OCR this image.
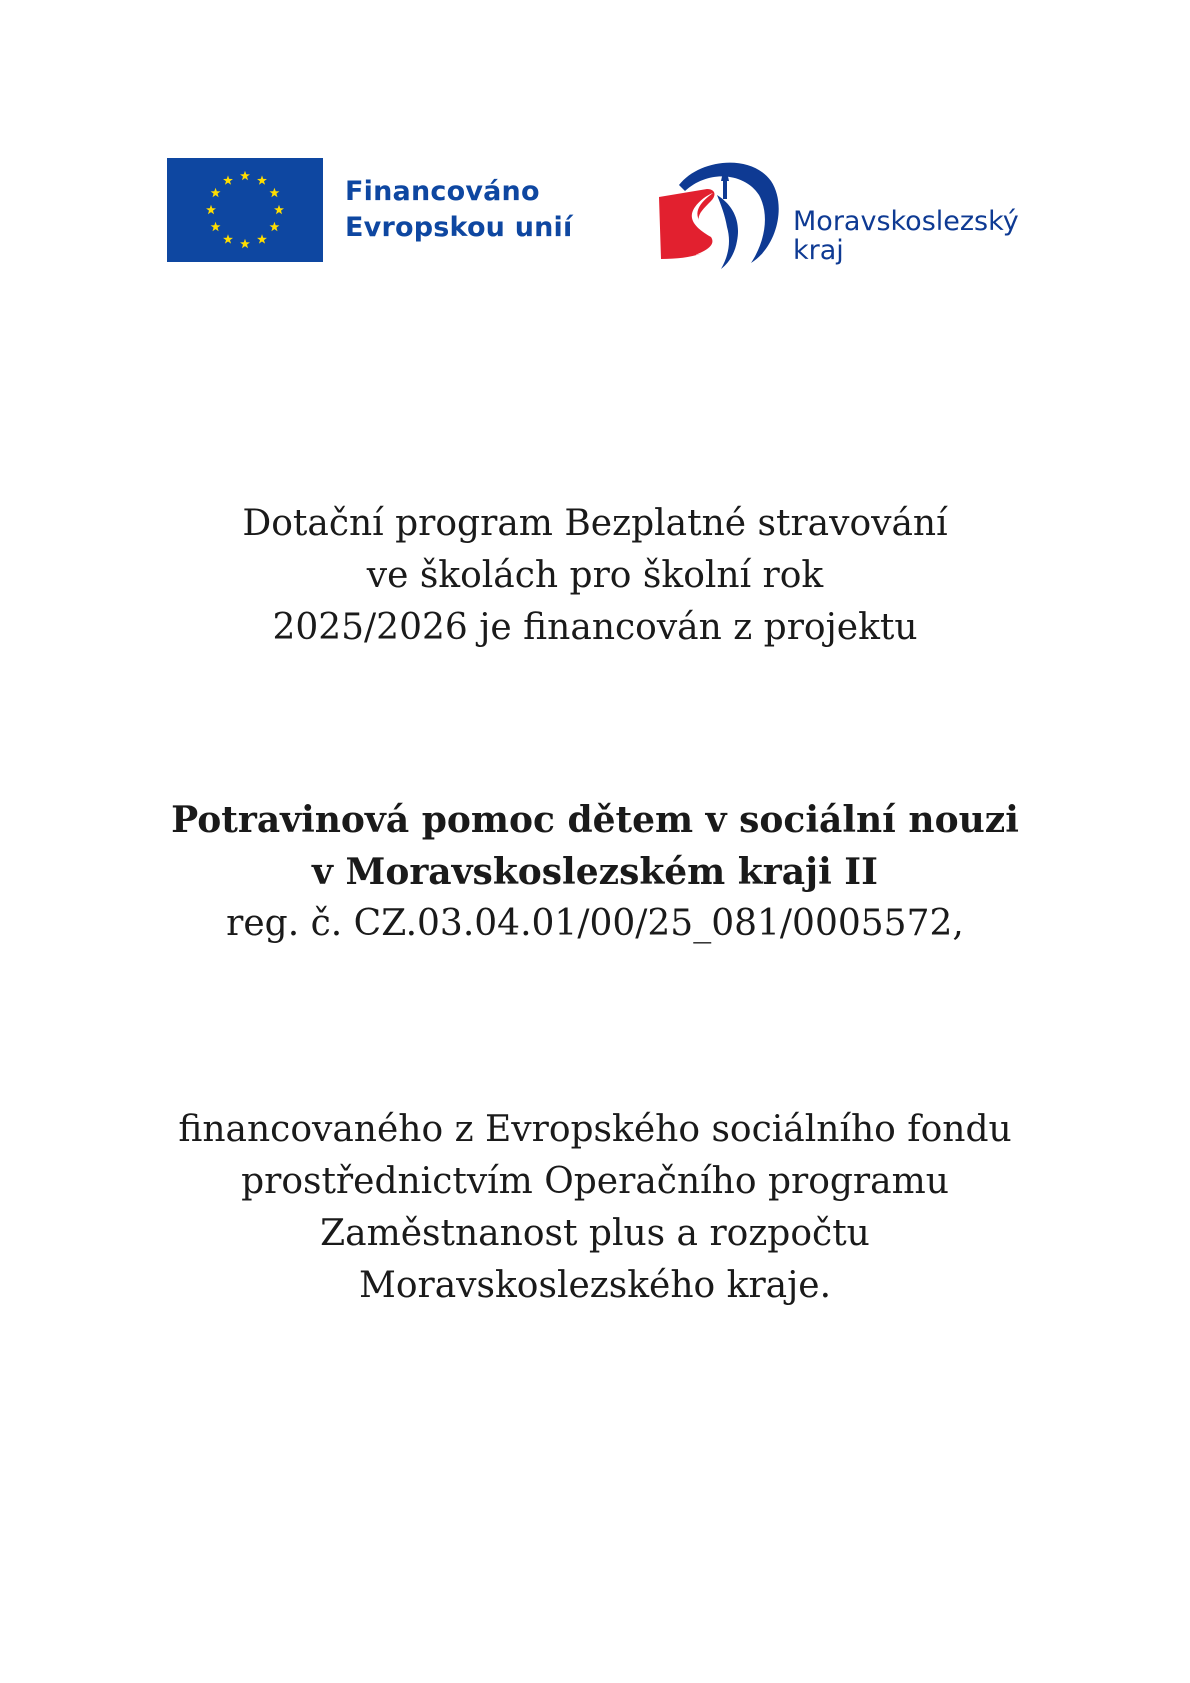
Financováno
Evropskou unií	Moravskoslezský
kraj
Dotační program Bezplatné stravování
ve školách pro školní rok
2025/2026 je financován z projektu
Potravinová pomoc dětem v sociální nouzi
v Moravskoslezském kraji II
reg. č. CZ.03.04.01/00/25_081/0005572,
financovaného z Evropského sociálního fondu
prostřednictvím Operačního programu
Zaměstnanost plus a rozpočtu
Moravskoslezského kraje.
